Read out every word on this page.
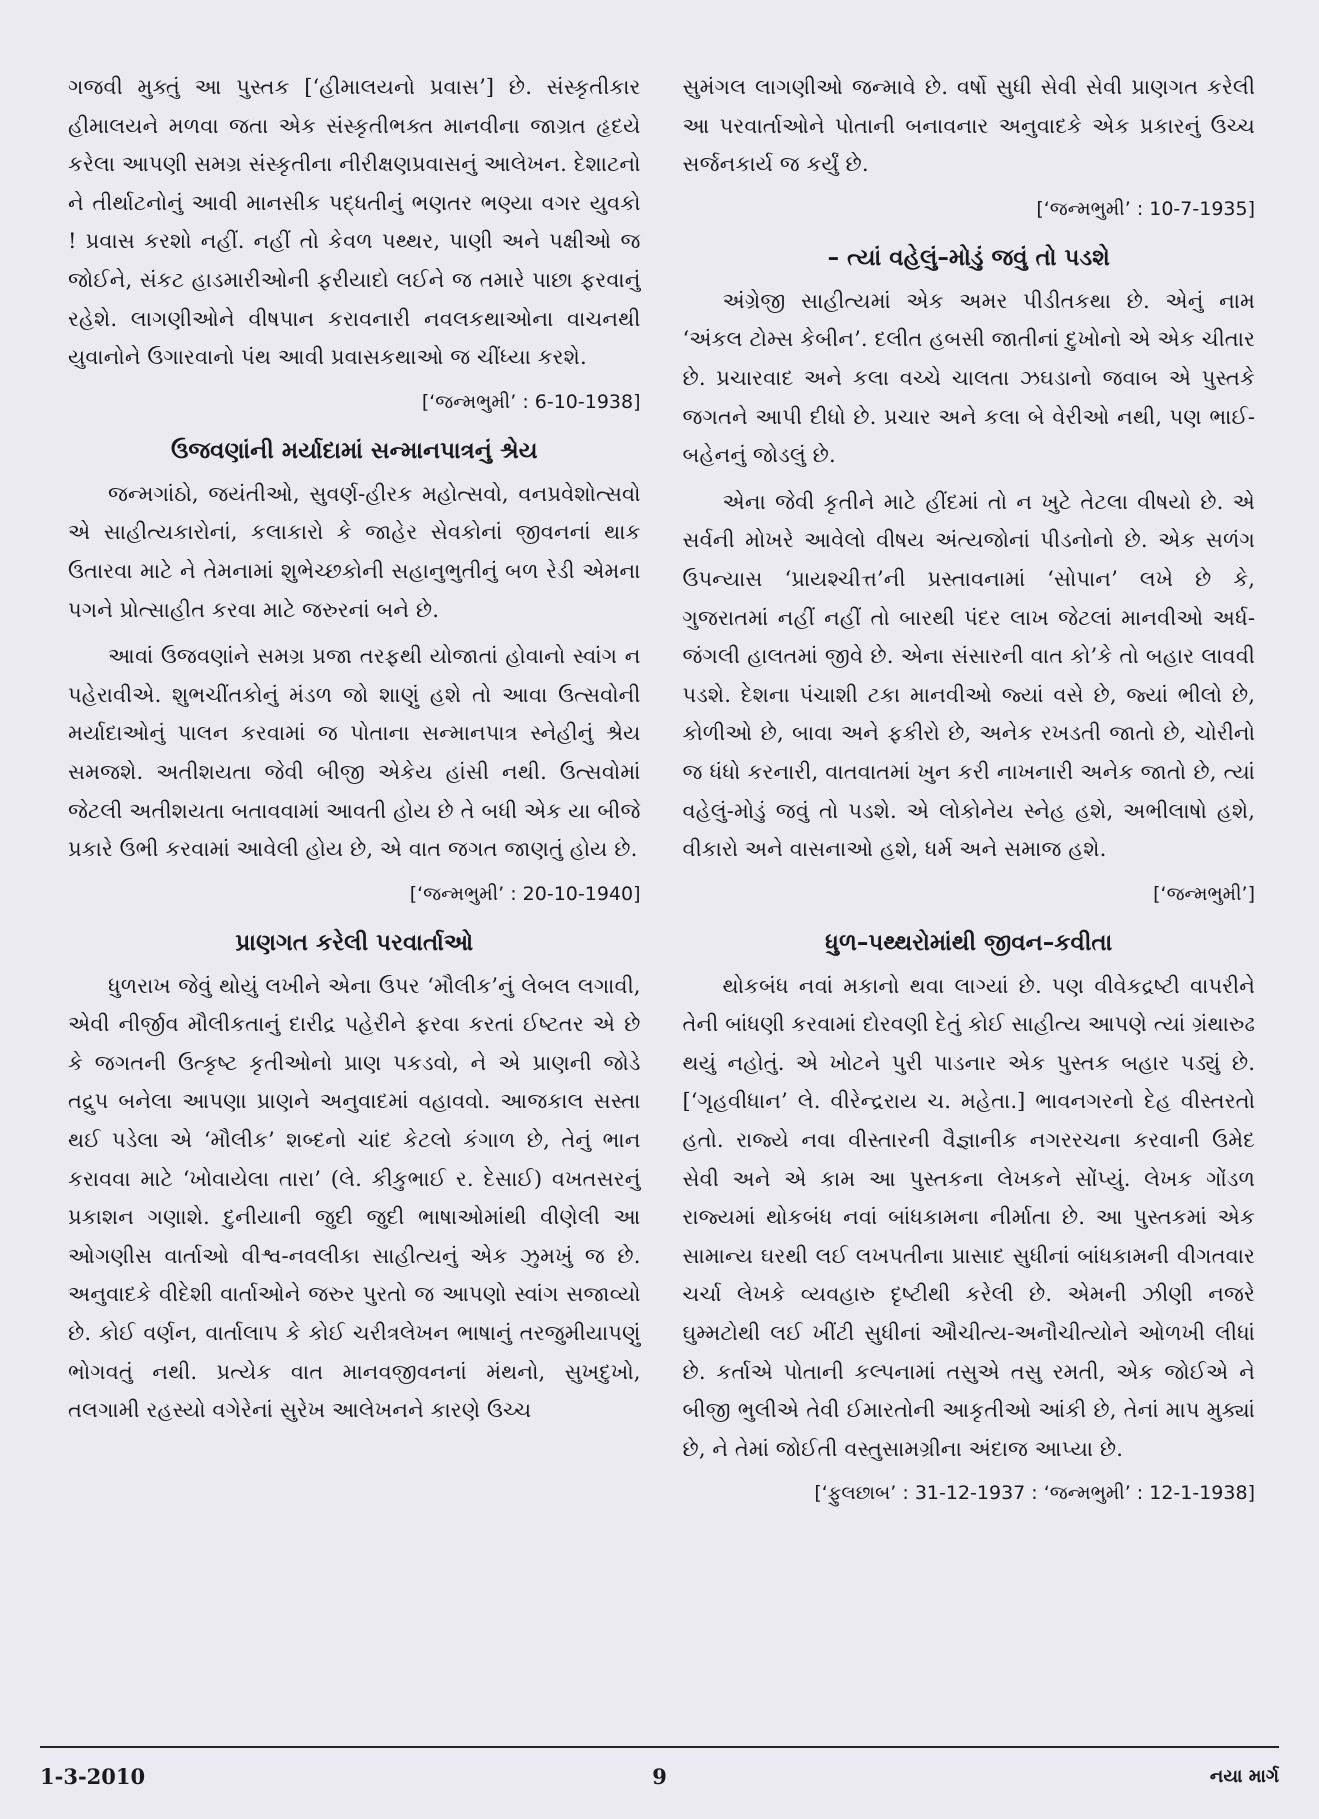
ગજવી મુક્તું આ પુસ્તક [‘હીમાલયનો પ્રવાસ’] છે. સંસ્કૃતીકાર હીમાલયને મળવા જતા એક સંસ્કૃતીભક્ત માનવીના જાગ્રત હૃદયે કરેલા આપણી સમગ્ર સંસ્કૃતીના નીરીક્ષણપ્રવાસનું આલેખન. દેશાટનો ને તીર્થાટનોનું આવી માનસીક પદ્ધતીનું ભણતર ભણ્યા વગર યુવકો ! પ્રવાસ કરશો નહીં. નહીં તો કેવળ પથ્થર, પાણી અને પક્ષીઓ જ જોઈને, સંકટ હાડમારીઓની ફરીયાદો લઈને જ તમારે પાછા ફરવાનું રહેશે. લાગણીઓને વીષપાન કરાવનારી નવલકથાઓના વાચનથી યુવાનોને ઉગારવાનો પંથ આવી પ્રવાસકથાઓ જ ચીંધ્યા કરશે.

[‘જન્મભુમી’ : 6-10-1938]
ઉજવણાંની મર્યાદામાં સન્માનપાત્રનું શ્રેય

જન્મગાંઠો, જયંતીઓ, સુવર્ણ-હીરક મહોત્સવો, વનપ્રવેશોત્સવો એ સાહીત્યકારોનાં, કલાકારો કે જાહેર સેવકોનાં જીવનનાં થાક ઉતારવા માટે ને તેમનામાં શુભેચ્છકોની સહાનુભુતીનું બળ રેડી એમના પગને પ્રોત્સાહીત કરવા માટે જરુરનાં બને છે.

આવાં ઉજવણાંને સમગ્ર પ્રજા તરફથી યોજાતાં હોવાનો સ્વાંગ ન પહેરાવીએ. શુભચીંતકોનું મંડળ જો શાણું હશે તો આવા ઉત્સવોની મર્યાદાઓનું પાલન કરવામાં જ પોતાના સન્માનપાત્ર સ્નેહીનું શ્રેય સમજશે. અતીશયતા જેવી બીજી એકેય હાંસી નથી. ઉત્સવોમાં જેટલી અતીશયતા બતાવવામાં આવતી હોય છે તે બધી એક યા બીજે પ્રકારે ઉભી કરવામાં આવેલી હોય છે, એ વાત જગત જાણતું હોય છે.

[‘જન્મભુમી’ : 20-10-1940]
પ્રાણગત કરેલી પરવાર્તાઓ

ધુળરાખ જેવું થોયું લખીને એના ઉપર ‘મૌલીક’નું લેબલ લગાવી, એવી નીર્જીવ મૌલીકતાનું દારીદ્ર પહેરીને ફરવા કરતાં ઈષ્ટતર એ છે કે જગતની ઉત્કૃષ્ટ કૃતીઓનો પ્રાણ પકડવો, ને એ પ્રાણની જોડે તદ્રુપ બનેલા આપણા પ્રાણને અનુવાદમાં વહાવવો. આજકાલ સસ્તા થઈ પડેલા એ ‘મૌલીક’ શબ્દનો ચાંદ કેટલો કંગાળ છે, તેનું ભાન કરાવવા માટે ‘ખોવાયેલા તારા’ (લે. કીકુભાઈ ર. દેસાઈ) વખતસરનું પ્રકાશન ગણાશે. દુનીયાની જુદી જુદી ભાષાઓમાંથી વીણેલી આ ઓગણીસ વાર્તાઓ વીશ્વ-નવલીકા સાહીત્યનું એક ઝુમખું જ છે. અનુવાદકે વીદેશી વાર્તાઓને જરુર પુરતો જ આપણો સ્વાંગ સજાવ્યો છે. કોઈ વર્ણન, વાર્તાલાપ કે કોઈ ચરીત્રલેખન ભાષાનું તરજુમીયાપણું ભોગવતું નથી. પ્રત્યેક વાત માનવજીવનનાં મંથનો, સુખદુખો, તલગામી રહસ્યો વગેરેનાં સુરેખ આલેખનને કારણે ઉચ્ચ

સુમંગલ લાગણીઓ જન્માવે છે. વર્ષો સુધી સેવી સેવી પ્રાણગત કરેલી આ પરવાર્તાઓને પોતાની બનાવનાર અનુવાદકે એક પ્રકારનું ઉચ્ચ સર્જનકાર્ય જ કર્યું છે.

[‘જન્મભુમી’ : 10-7-1935]
– ત્યાં વહેલું–મોડું જવું તો પડશે

અંગ્રેજી સાહીત્યમાં એક અમર પીડીતકથા છે. એનું નામ ‘અંકલ ટોમ્સ કેબીન’. દલીત હબસી જાતીનાં દુખોનો એ એક ચીતાર છે. પ્રચારવાદ અને કલા વચ્ચે ચાલતા ઝઘડાનો જવાબ એ પુસ્તકે જગતને આપી દીધો છે. પ્રચાર અને કલા બે વેરીઓ નથી, પણ ભાઈ- બહેનનું જોડલું છે.

એના જેવી કૃતીને માટે હીંદમાં તો ન ખુટે તેટલા વીષયો છે. એ સર્વની મોખરે આવેલો વીષય અંત્યજોનાં પીડનોનો છે. એક સળંગ ઉપન્યાસ ‘પ્રાયશ્ચીત્ત’ની પ્રસ્તાવનામાં ‘સોપાન’ લખે છે કે, ગુજરાતમાં નહીં નહીં તો બારથી પંદર લાખ જેટલાં માનવીઓ અર્ધ-જંગલી હાલતમાં જીવે છે. એના સંસારની વાત કો’કે તો બહાર લાવવી પડશે. દેશના પંચાશી ટકા માનવીઓ જ્યાં વસે છે, જ્યાં ભીલો છે, કોળીઓ છે, બાવા અને ફકીરો છે, અનેક રખડતી જાતો છે, ચોરીનો જ ધંધો કરનારી, વાતવાતમાં ખુન કરી નાખનારી અનેક જાતો છે, ત્યાં વહેલું-મોડું જવું તો પડશે. એ લોકોનેય સ્નેહ હશે, અભીલાષો હશે, વીકારો અને વાસનાઓ હશે, ધર્મ અને સમાજ હશે.

[‘જન્મભુમી’]
ધુળ–પથ્થરોમાંથી જીવન–કવીતા

થોકબંધ નવાં મકાનો થવા લાગ્યાં છે. પણ વીવેકદ્રષ્ટી વાપરીને તેની બાંધણી કરવામાં દોરવણી દેતું કોઈ સાહીત્ય આપણે ત્યાં ગ્રંથારુઢ થયું નહોતું. એ ખોટને પુરી પાડનાર એક પુસ્તક બહાર પડ્યું છે. [‘ગૃહવીધાન’ લે. વીરેન્દ્રરાય ચ. મહેતા.] ભાવનગરનો દેહ વીસ્તરતો હતો. રાજ્યે નવા વીસ્તારની વૈજ્ઞાનીક નગરરચના કરવાની ઉમેદ સેવી અને એ કામ આ પુસ્તકના લેખકને સોંપ્યું. લેખક ગોંડળ રાજ્યમાં થોકબંધ નવાં બાંધકામના નીર્માતા છે. આ પુસ્તકમાં એક સામાન્ય ઘરથી લઈ લખપતીના પ્રાસાદ સુધીનાં બાંધકામની વીગતવાર ચર્ચા લેખકે વ્યવહારુ દૃષ્ટીથી કરેલી છે. એમની ઝીણી નજરે ઘુમ્મટોથી લઈ ખીંટી સુધીનાં ઔચીત્ય-અનૌચીત્યોને ઓળખી લીધાં છે. કર્તાએ પોતાની કલ્પનામાં તસુએ તસુ રમતી, એક જોઈએ ને બીજી ભુલીએ તેવી ઈમારતોની આકૃતીઓ આંકી છે, તેનાં માપ મુક્યાં છે, ને તેમાં જોઈતી વસ્તુસામગ્રીના અંદાજ આપ્યા છે.

[‘ફુલછાબ’ : 31-12-1937 : ‘જન્મભુમી’ : 12-1-1938]
1-3-2010	9	નયા માર્ગ
